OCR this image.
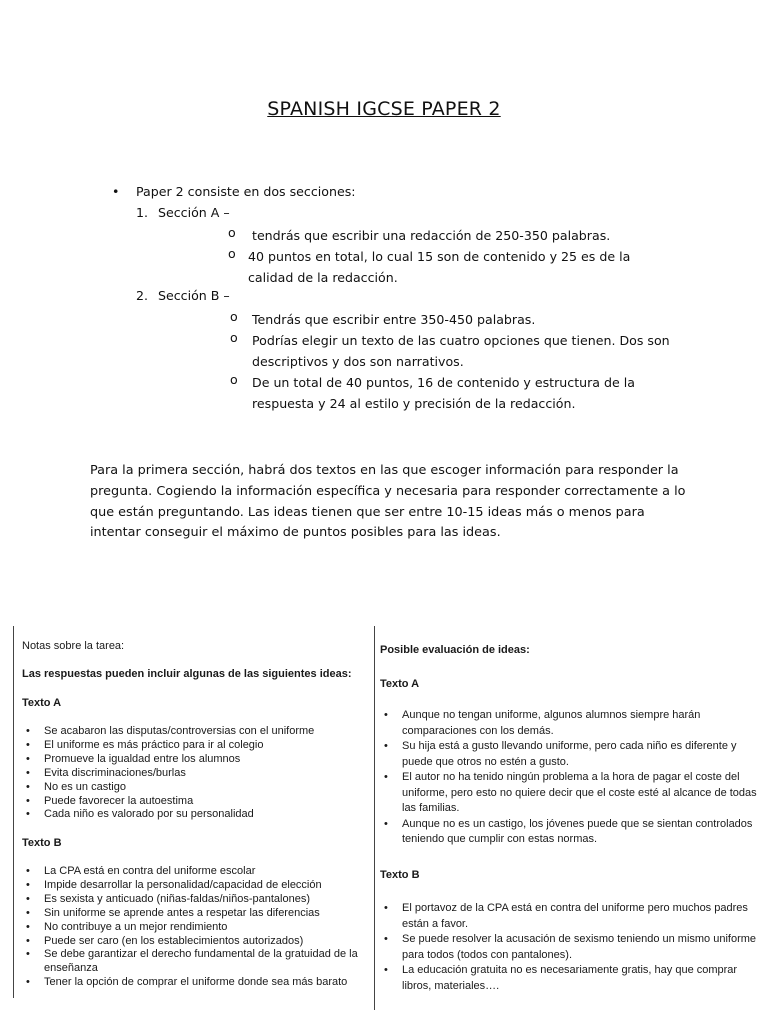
SPANISH IGCSE PAPER 2
• Paper 2 consiste en dos secciones:
1. Sección A –
o tendrás que escribir una redacción de 250-350 palabras.
o 40 puntos en total, lo cual 15 son de contenido y 25 es de la calidad de la redacción.
2. Sección B –
o Tendrás que escribir entre 350-450 palabras.
o Podrías elegir un texto de las cuatro opciones que tienen. Dos son descriptivos y dos son narrativos.
o De un total de 40 puntos, 16 de contenido y estructura de la respuesta y 24 al estilo y precisión de la redacción.
Para la primera sección, habrá dos textos en las que escoger información para responder la pregunta. Cogiendo la información específica y necesaria para responder correctamente a lo que están preguntando. Las ideas tienen que ser entre 10-15 ideas más o menos para intentar conseguir el máximo de puntos posibles para las ideas.
Notas sobre la tarea:
Las respuestas pueden incluir algunas de las siguientes ideas:
Texto A
• Se acabaron las disputas/controversias con el uniforme
• El uniforme es más práctico para ir al colegio
• Promueve la igualdad entre los alumnos
• Evita discriminaciones/burlas
• No es un castigo
• Puede favorecer la autoestima
• Cada niño es valorado por su personalidad
Texto B
• La CPA está en contra del uniforme escolar
• Impide desarrollar la personalidad/capacidad de elección
• Es sexista y anticuado (niñas-faldas/niños-pantalones)
• Sin uniforme se aprende antes a respetar las diferencias
• No contribuye a un mejor rendimiento
• Puede ser caro (en los establecimientos autorizados)
• Se debe garantizar el derecho fundamental de la gratuidad de la enseñanza
• Tener la opción de comprar el uniforme donde sea más barato
Posible evaluación de ideas:
Texto A
• Aunque no tengan uniforme, algunos alumnos siempre harán comparaciones con los demás.
• Su hija está a gusto llevando uniforme, pero cada niño es diferente y puede que otros no estén a gusto.
• El autor no ha tenido ningún problema a la hora de pagar el coste del uniforme, pero esto no quiere decir que el coste esté al alcance de todas las familias.
• Aunque no es un castigo, los jóvenes puede que se sientan controlados teniendo que cumplir con estas normas.
Texto B
• El portavoz de la CPA está en contra del uniforme pero muchos padres están a favor.
• Se puede resolver la acusación de sexismo teniendo un mismo uniforme para todos (todos con pantalones).
• La educación gratuita no es necesariamente gratis, hay que comprar libros, materiales….
